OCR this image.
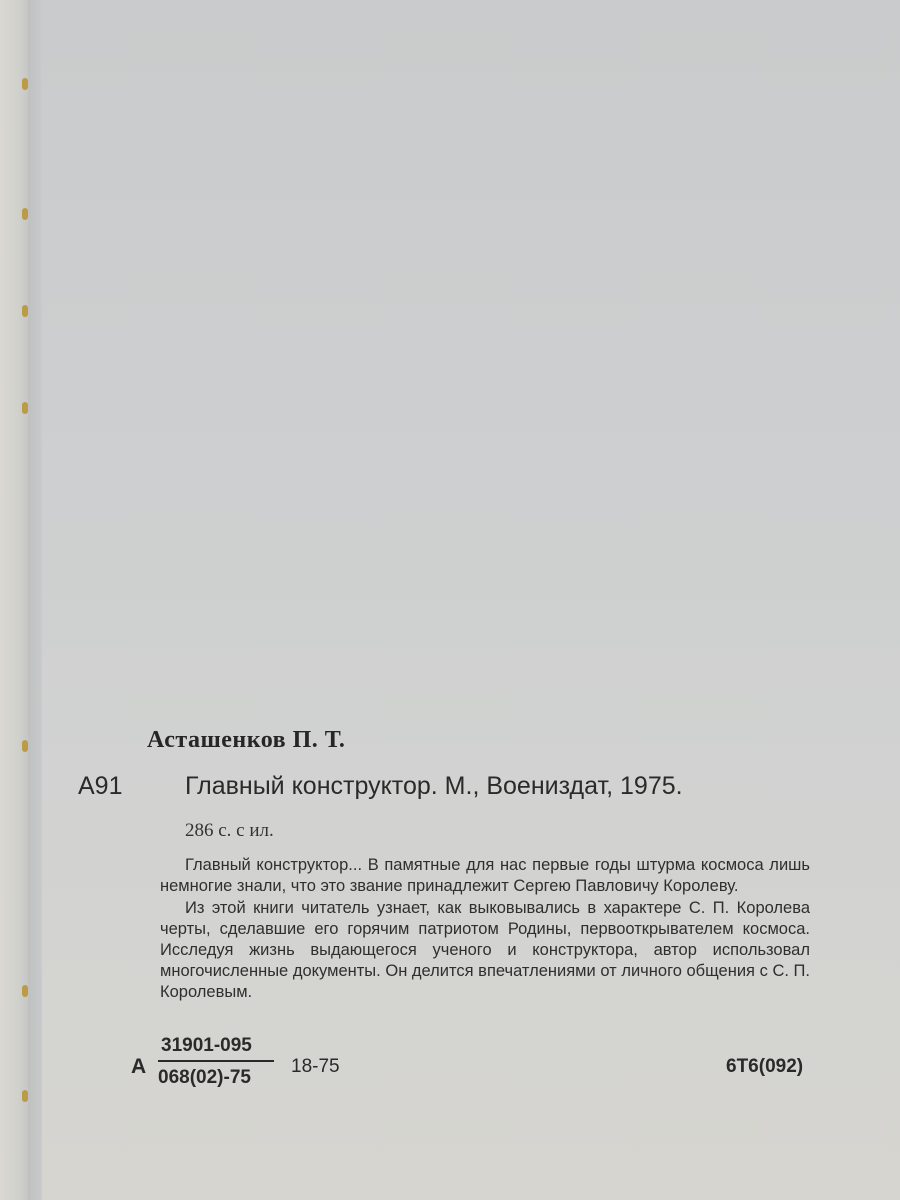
Асташенков П. Т.
А91	Главный конструктор. М., Воениздат, 1975.
286 с. с ил.

Главный конструктор... В памятные для нас первые годы штурма космоса лишь немногие знали, что это звание принадлежит Сергею Павловичу Королеву.

Из этой книги читатель узнает, как выковывались в характере С. П. Королева черты, сделавшие его горячим патриотом Родины, первооткрывателем космоса. Исследуя жизнь выдающегося ученого и конструктора, автор использовал многочисленные документы. Он делится впечатлениями от личного общения с С. П. Королевым.

А
31901-095
068(02)-75
18-75	6Т6(092)
